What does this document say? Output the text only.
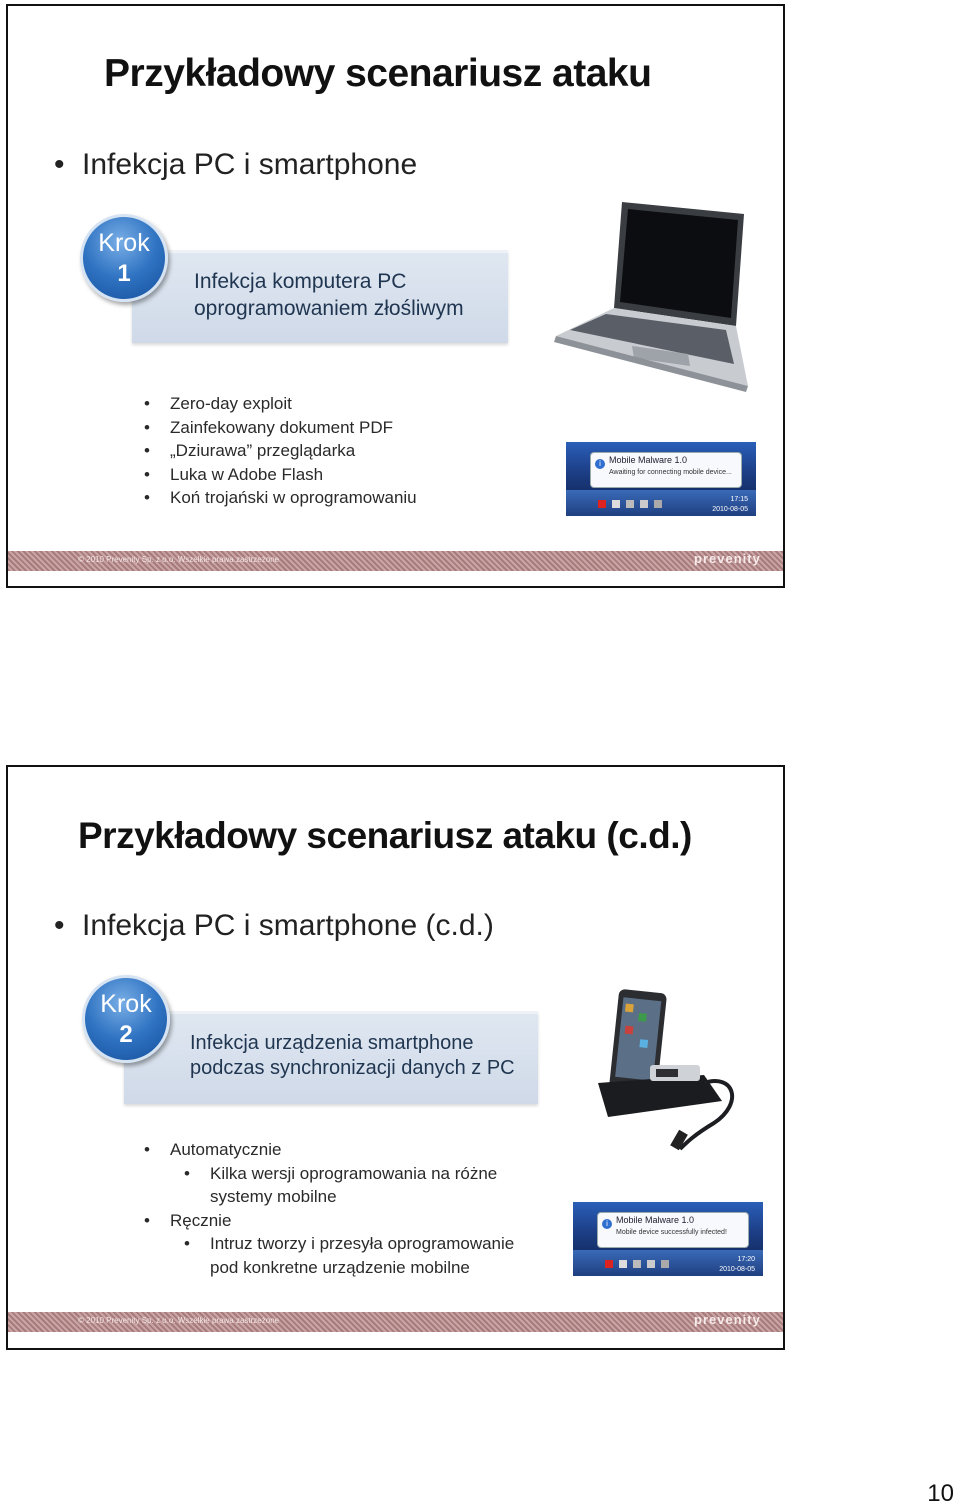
Przykładowy scenariusz ataku
• Infekcja PC i smartphone
Infekcja komputera PC
oprogramowaniem złośliwym
Krok
1
• Zero-day exploit
• Zainfekowany dokument PDF
• „Dziurawa” przeglądarka
• Luka w Adobe Flash
• Koń trojański w oprogramowaniu
i Mobile Malware 1.0
Awaiting for connecting mobile device...
17:15
2010-08-05
© 2010 Prevenity Sp. z o.o. Wszelkie prawa zastrzeżone	prevenity
Przykładowy scenariusz ataku (c.d.)
• Infekcja PC i smartphone (c.d.)
Infekcja urządzenia smartphone
podczas synchronizacji danych z PC
Krok
2
• Automatycznie
• Kilka wersji oprogramowania na różne
systemy mobilne
• Ręcznie
• Intruz tworzy i przesyła oprogramowanie
pod konkretne urządzenie mobilne
i Mobile Malware 1.0
Mobile device successfully infected!
17:20
2010-08-05
© 2010 Prevenity Sp. z o.o. Wszelkie prawa zastrzeżone	prevenity
10
